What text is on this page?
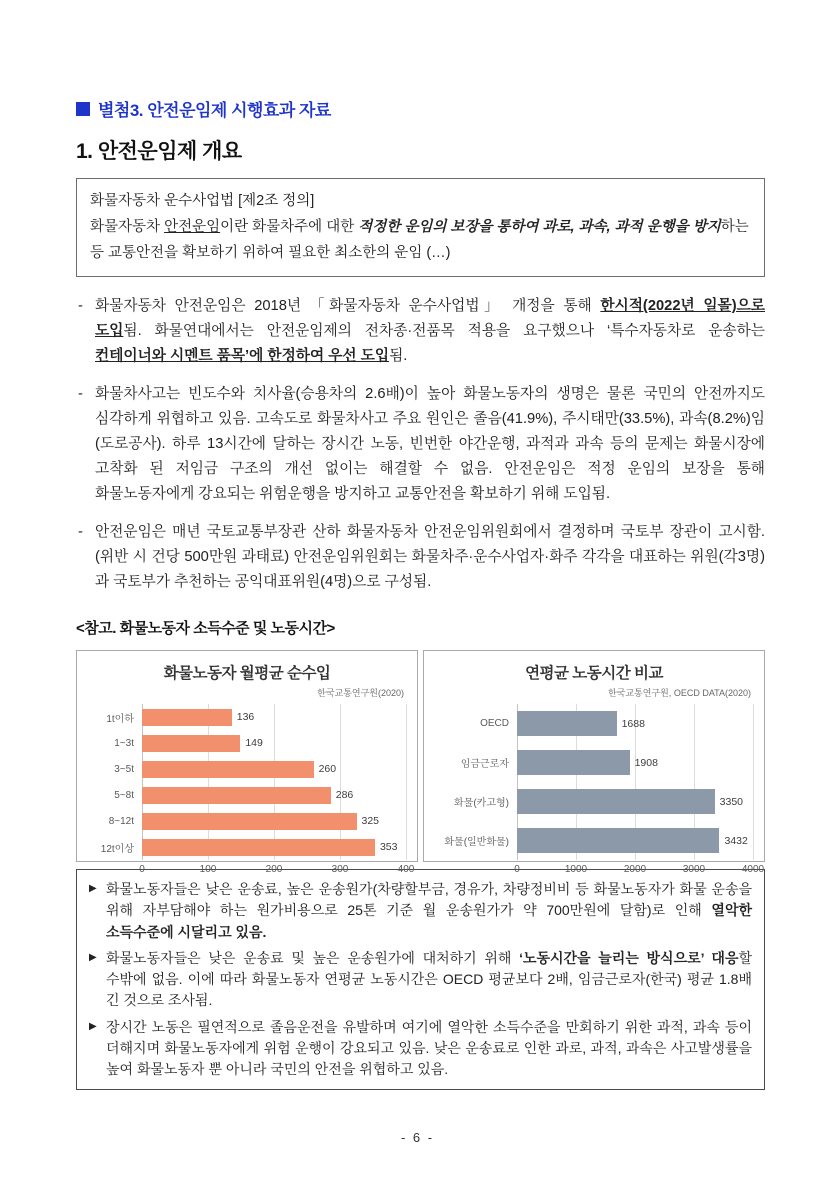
별첨3. 안전운임제 시행효과 자료
1. 안전운임제 개요

화물자동차 운수사업법 [제2조 정의]

화물자동차 안전운임이란 화물차주에 대한 적정한 운임의 보장을 통하여 과로, 과속, 과적 운행을 방지하는 등 교통안전을 확보하기 위하여 필요한 최소한의 운임 (…)

- 화물자동차 안전운임은 2018년 「화물자동차 운수사업법」 개정을 통해 한시적(2022년 일몰)으로 도입됨. 화물연대에서는 안전운임제의 전차종·전품목 적용을 요구했으나 ‘특수자동차로 운송하는 컨테이너와 시멘트 품목’에 한정하여 우선 도입됨.
- 화물차사고는 빈도수와 치사율(승용차의 2.6배)이 높아 화물노동자의 생명은 물론 국민의 안전까지도 심각하게 위협하고 있음. 고속도로 화물차사고 주요 원인은 졸음(41.9%), 주시태만(33.5%), 과속(8.2%)임(도로공사). 하루 13시간에 달하는 장시간 노동, 빈번한 야간운행, 과적과 과속 등의 문제는 화물시장에 고착화 된 저임금 구조의 개선 없이는 해결할 수 없음. 안전운임은 적정 운임의 보장을 통해 화물노동자에게 강요되는 위험운행을 방지하고 교통안전을 확보하기 위해 도입됨.
- 안전운임은 매년 국토교통부장관 산하 화물자동차 안전운임위원회에서 결정하며 국토부 장관이 고시함.(위반 시 건당 500만원 과태료) 안전운임위원회는 화물차주·운수사업자·화주 각각을 대표하는 위원(각3명)과 국토부가 추천하는 공익대표위원(4명)으로 구성됨.
<참고. 화물노동자 소득수준 및 노동시간>
화물노동자 월평균 순수입
한국교통연구원(2020)
1t이하	136
1~3t	149
3~5t	260
5~8t	286
8~12t	325
12t이상	353
0	100	200	300	400
연평균 노동시간 비교
한국교통연구원, OECD DATA(2020)
OECD	1688
임금근로자	1908
화물(카고형)	3350
화물(일반화물)	3432
0	1000	2000	3000	4000
▶ 화물노동자들은 낮은 운송료, 높은 운송원가(차량할부금, 경유가, 차량정비비 등 화물노동자가 화물 운송을 위해 자부담해야 하는 원가비용으로 25톤 기준 월 운송원가가 약 700만원에 달함)로 인해 열악한 소득수준에 시달리고 있음.
▶ 화물노동자들은 낮은 운송료 및 높은 운송원가에 대처하기 위해 ‘노동시간을 늘리는 방식으로’ 대응할 수밖에 없음. 이에 따라 화물노동자 연평균 노동시간은 OECD 평균보다 2배, 임금근로자(한국) 평균 1.8배 긴 것으로 조사됨.
▶ 장시간 노동은 필연적으로 졸음운전을 유발하며 여기에 열악한 소득수준을 만회하기 위한 과적, 과속 등이 더해지며 화물노동자에게 위험 운행이 강요되고 있음. 낮은 운송료로 인한 과로, 과적, 과속은 사고발생률을 높여 화물노동자 뿐 아니라 국민의 안전을 위협하고 있음.
- 6 -
